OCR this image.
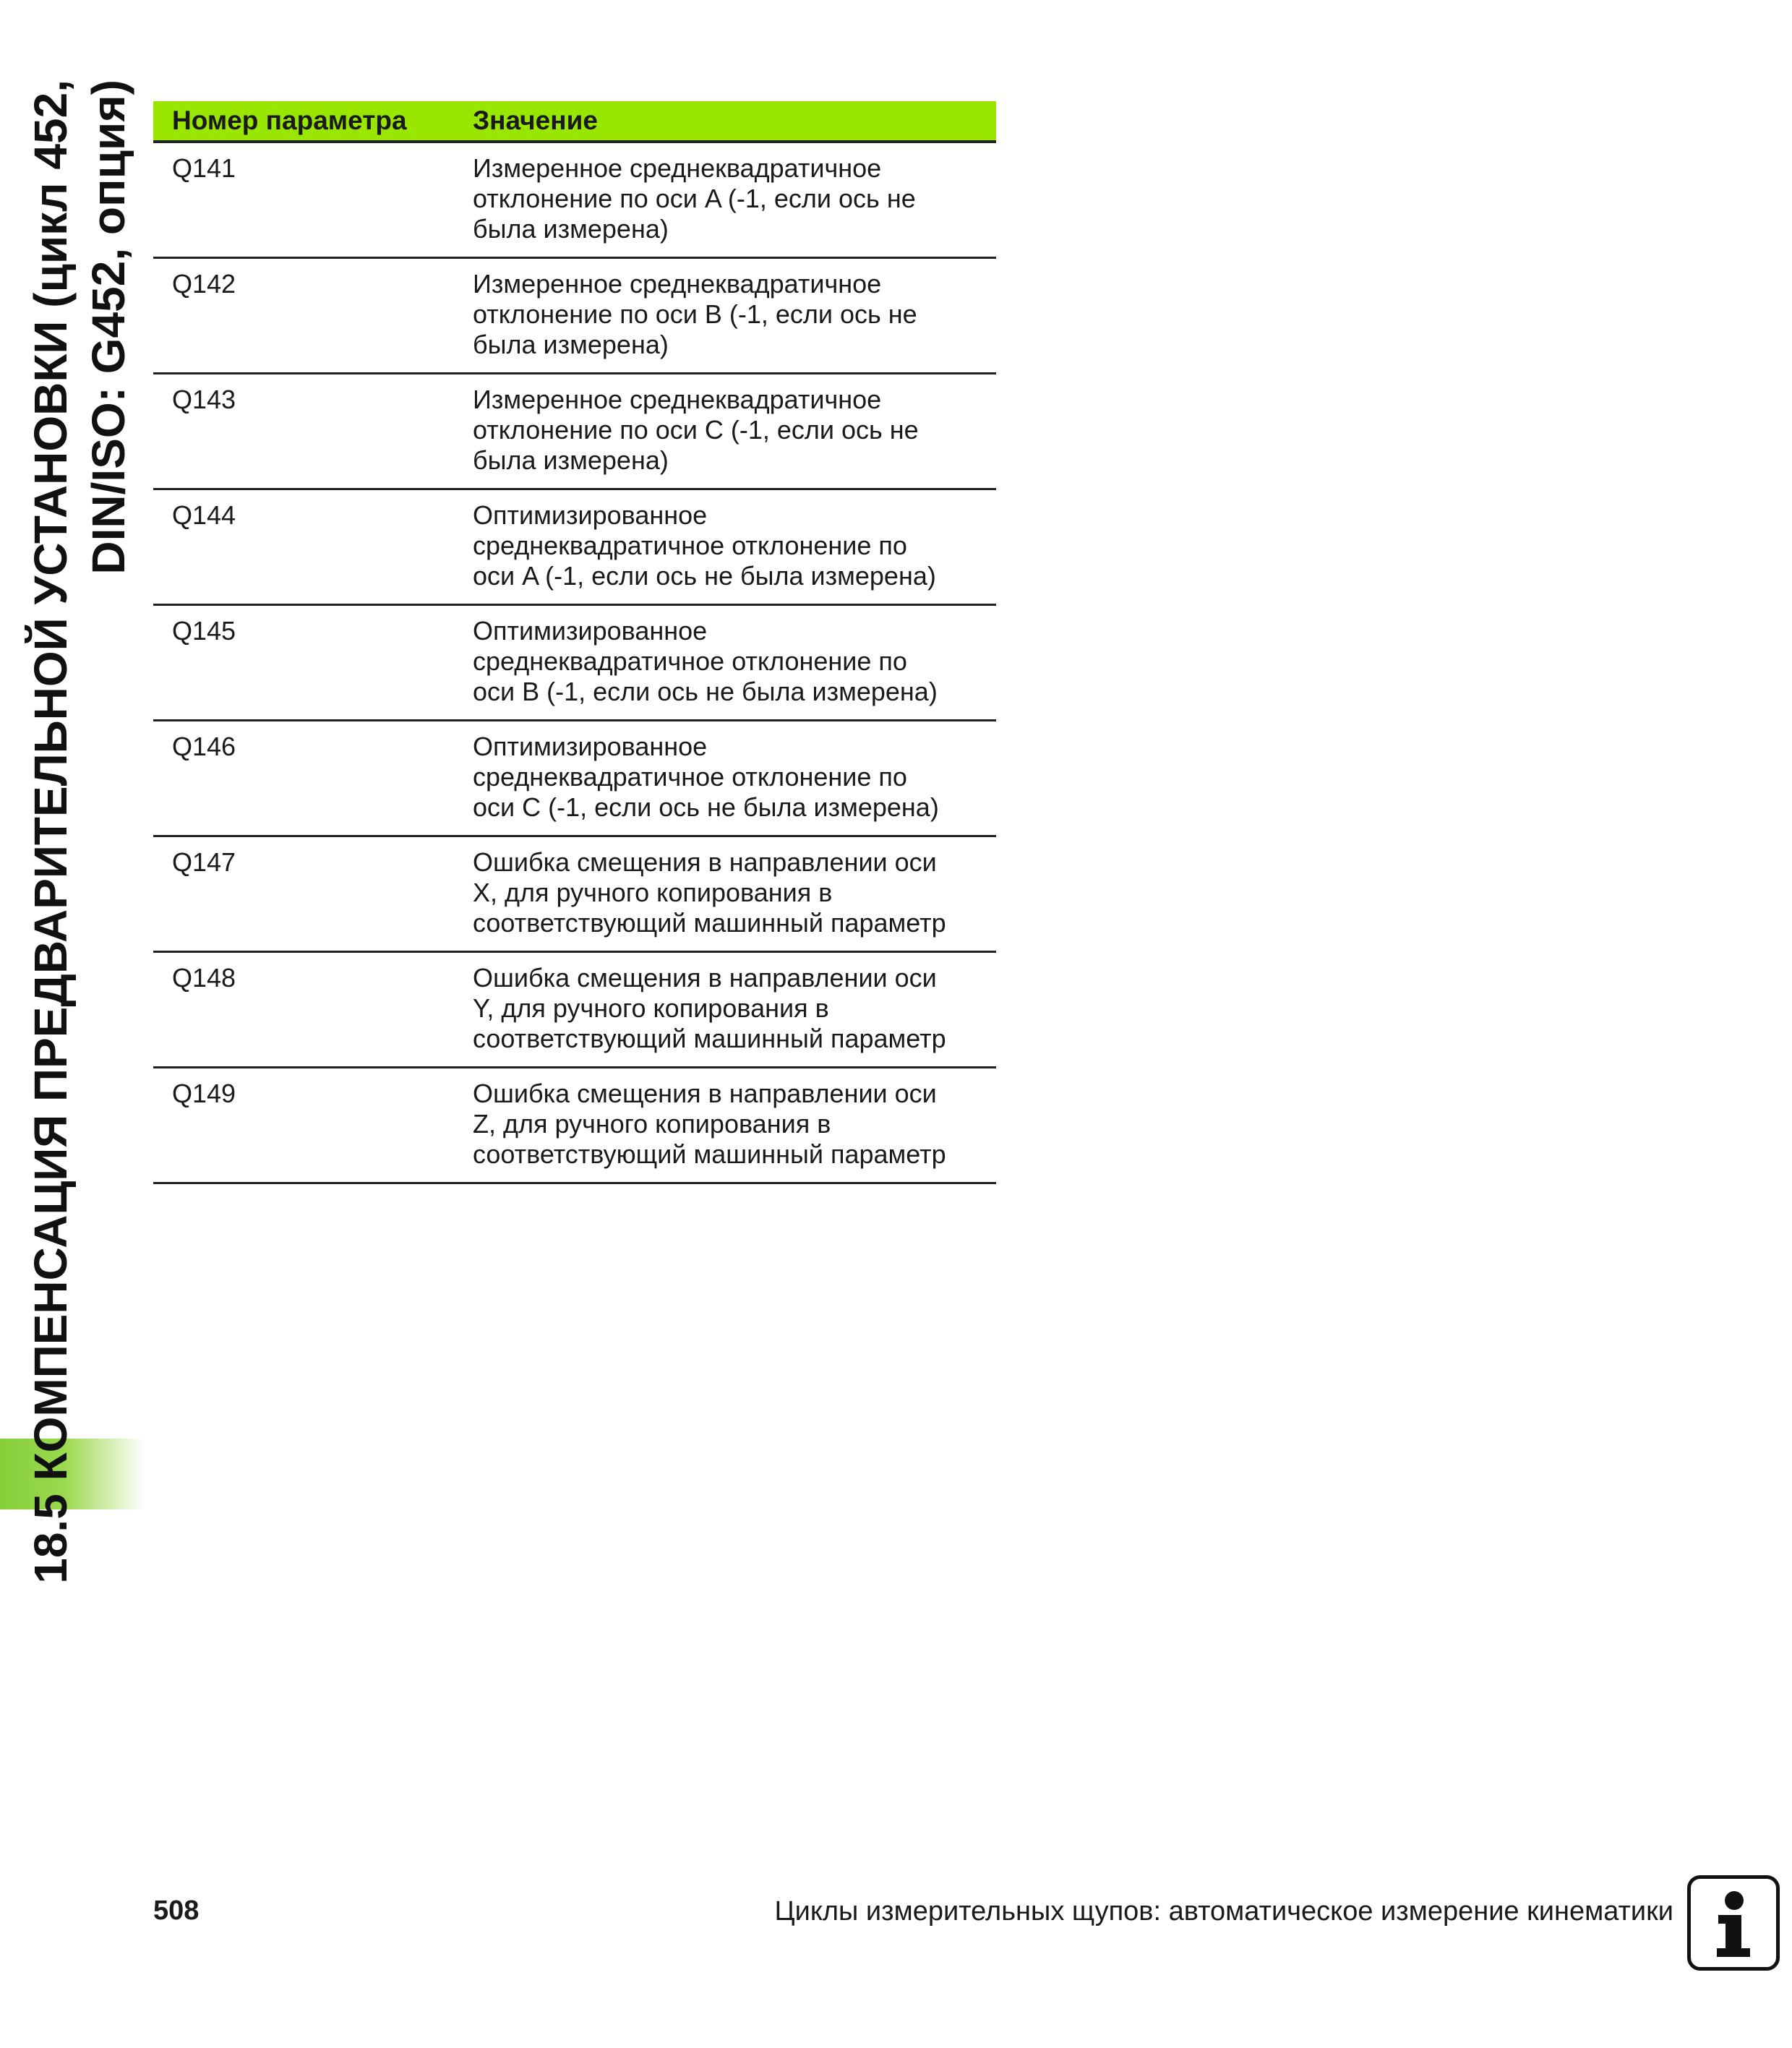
18.5 КОМПЕНСАЦИЯ ПРЕДВАРИТЕЛЬНОЙ УСТАНОВКИ (цикл 452, DIN/ISO: G452, опция) Номер параметра	Значение
Q141	Измеренное среднеквадратичное
отклонение по оси A (-1, если ось не
была измерена)

Q142	Измеренное среднеквадратичное
отклонение по оси B (-1, если ось не
была измерена)

Q143	Измеренное среднеквадратичное
отклонение по оси C (-1, если ось не
была измерена)

Q144	Оптимизированное
среднеквадратичное отклонение по
оси A (-1, если ось не была измерена)

Q145	Оптимизированное
среднеквадратичное отклонение по
оси B (-1, если ось не была измерена)

Q146	Оптимизированное
среднеквадратичное отклонение по
оси C (-1, если ось не была измерена)

Q147	Ошибка смещения в направлении оси
X, для ручного копирования в
соответствующий машинный параметр

Q148	Ошибка смещения в направлении оси
Y, для ручного копирования в
соответствующий машинный параметр

Q149	Ошибка смещения в направлении оси
Z, для ручного копирования в
соответствующий машинный параметр
508	Циклы измерительных щупов: автоматическое измерение кинематики
